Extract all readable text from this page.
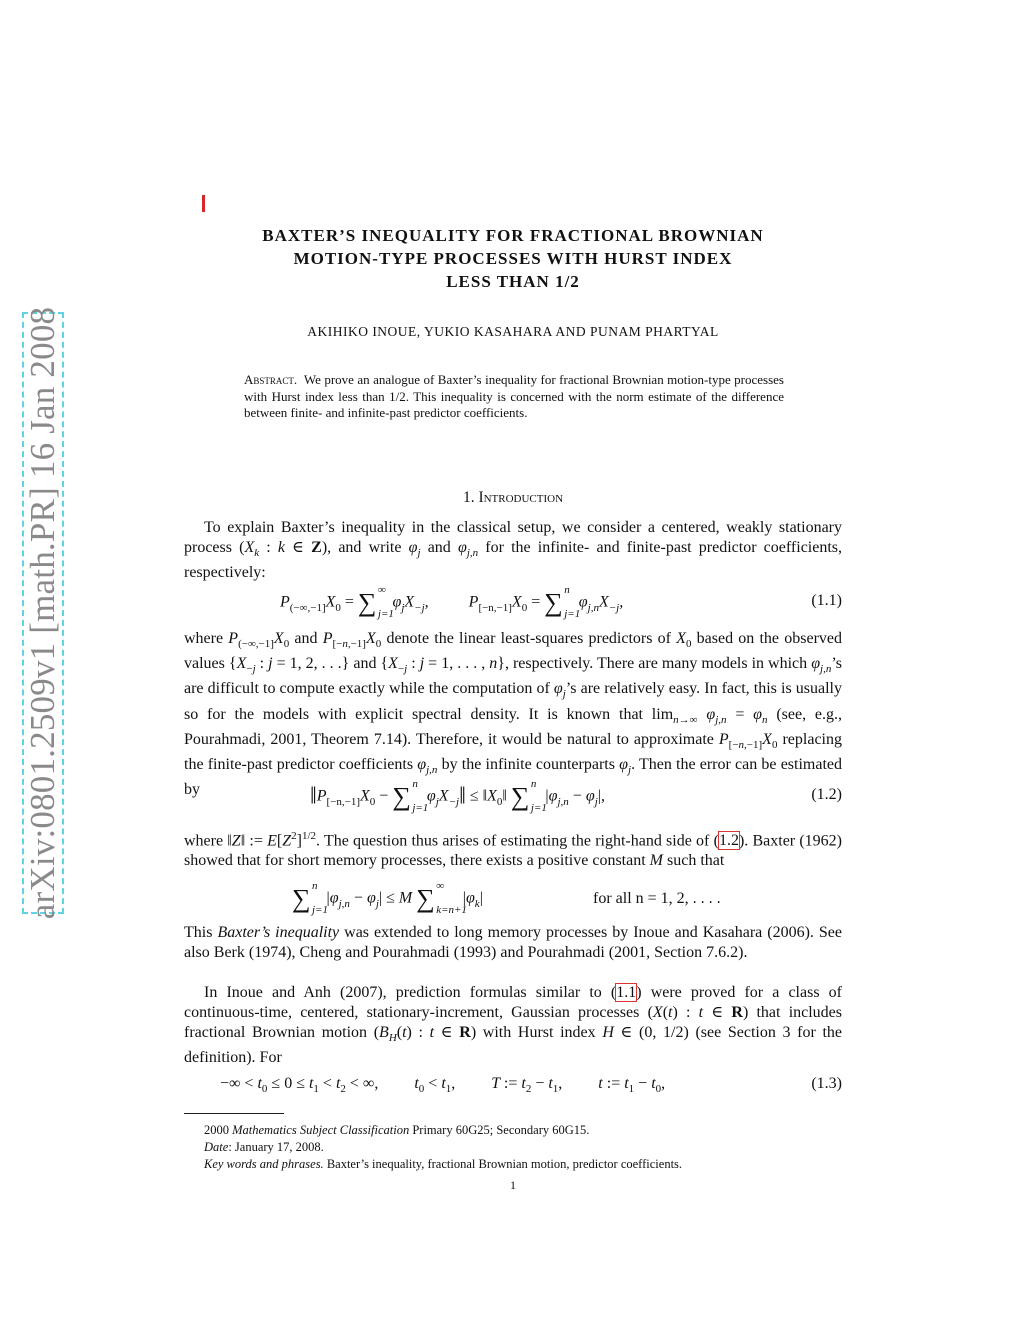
arXiv:0801.2509v1 [math.PR] 16 Jan 2008
BAXTER’S INEQUALITY FOR FRACTIONAL BROWNIAN
MOTION-TYPE PROCESSES WITH HURST INDEX
LESS THAN 1/2
AKIHIKO INOUE, YUKIO KASAHARA AND PUNAM PHARTYAL
Abstract. We prove an analogue of Baxter’s inequality for fractional Brownian motion-type processes with Hurst index less than 1/2. This inequality is concerned with the norm estimate of the difference between finite- and infinite-past predictor coefficients.
1. Introduction
To explain Baxter’s inequality in the classical setup, we consider a centered, weakly stationary process ($X_k$ : k ∈ Z), and write $\varphi_j$ and $\varphi_{j,n}$ for the infinite- and finite-past predictor coefficients, respectively:
$P_{(-\infty,-1]}X_0$ = ∑ ∞
j=1
$\varphi_jX_{-j}$,          $P_{[-n,-1]}X_0$ = ∑ n
j=1
$\varphi_{j,n}X_{-j}$,	(1.1)
where $P_{(-\infty,-1]}X_0$ and $P_{[-n,-1]}X_0$ denote the linear least-squares predictors of $X_0$ based on the observed values {$X_{-j}$ : j = 1, 2, . . .} and {$X_{-j}$ : j = 1, . . . , n}, respectively. There are many models in which $\varphi_{j,n}’s$ are difficult to compute exactly while the computation of $\varphi_j’s$ are relatively easy. In fact, this is usually so for the models with explicit spectral density. It is known that $\lim_{n\to\infty} \varphi_{j,n} = \varphi_n$ (see, e.g., Pourahmadi, 2001, Theorem 7.14). Therefore, it would be natural to approximate $P_{[-n,-1]}X_0$ replacing the finite-past predictor coefficients $\varphi_{j,n}$ by the infinite counterparts $\varphi_j$. Then the error can be estimated by	$‖P_{[-n,-1]}X_0$ − ∑ n
j=1
$\varphi_jX_{-j}‖$ ≤ $‖X_0‖$ ∑ n
j=1
$|\varphi_{j,n} - \varphi_j|$,	(1.2)
where ‖Z‖ := $E[Z^2]^{1/2}$. The question thus arises of estimating the right-hand side of (1.2). Baxter (1962) showed that for short memory processes, there exists a positive constant M such that
∑ n
j=1
$|\varphi_{j,n} - \varphi_j| \le M$ ∑ ∞
k=n+1
$|\varphi_k|$	for all n = 1, 2, . . . .
This Baxter’s inequality was extended to long memory processes by Inoue and Kasahara (2006). See also Berk (1974), Cheng and Pourahmadi (1993) and Pourahmadi (2001, Section 7.6.2).
In Inoue and Anh (2007), prediction formulas similar to (1.1) were proved for a class of continuous-time, centered, stationary-increment, Gaussian processes (X(t) : t ∈ R) that includes fractional Brownian motion ($B_H(t)$ : t ∈ R) with Hurst index H ∈ (0, 1/2) (see Section 3 for the definition). For
−∞ < $t_0 \le 0 \le t_1 < t_2$ < ∞,         $t_0 < t_1$,         T := $t_2 - t_1$,         t := $t_1 - t_0$,	(1.3)
2000 Mathematics Subject Classification Primary 60G25; Secondary 60G15.
Date: January 17, 2008.
Key words and phrases. Baxter’s inequality, fractional Brownian motion, predictor coefficients.
1
